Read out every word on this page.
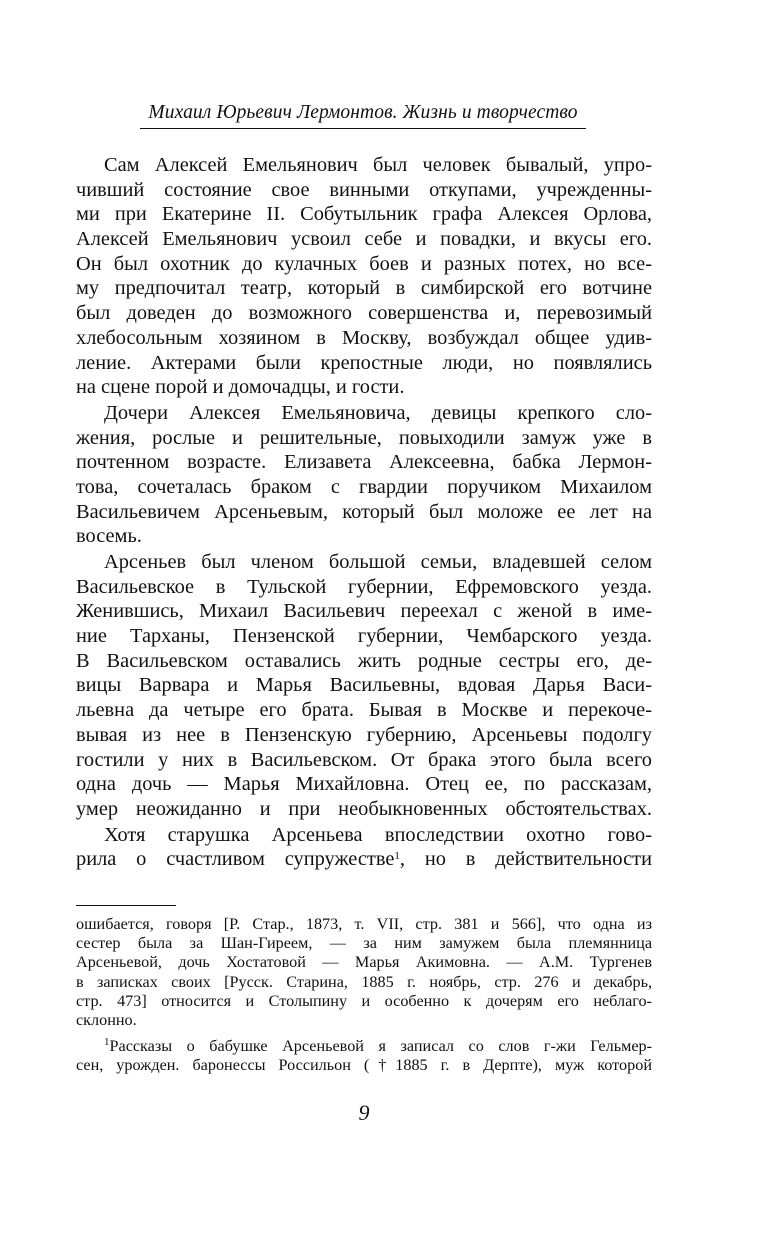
Михаил Юрьевич Лермонтов. Жизнь и творчество

Сам Алексей Емельянович был человек бывалый, упро-
чивший состояние свое винными откупами, учрежденны-
ми при Екатерине II. Собутыльник графа Алексея Орлова,
Алексей Емельянович усвоил себе и повадки, и вкусы его.
Он был охотник до кулачных боев и разных потех, но все-
му предпочитал театр, который в симбирской его вотчине
был доведен до возможного совершенства и, перевозимый
хлебосольным хозяином в Москву, возбуждал общее удив-
ление. Актерами были крепостные люди, но появлялись
на сцене порой и домочадцы, и гости.

Дочери Алексея Емельяновича, девицы крепкого сло-
жения, рослые и решительные, повыходили замуж уже в
почтенном возрасте. Елизавета Алексеевна, бабка Лермон-
това, сочеталась браком с гвардии поручиком Михаилом
Васильевичем Арсеньевым, который был моложе ее лет на
восемь.

Арсеньев был членом большой семьи, владевшей селом
Васильевское в Тульской губернии, Ефремовского уезда.
Женившись, Михаил Васильевич переехал с женой в име-
ние Тарханы, Пензенской губернии, Чембарского уезда.
В Васильевском оставались жить родные сестры его, де-
вицы Варвара и Марья Васильевны, вдовая Дарья Васи-
льевна да четыре его брата. Бывая в Москве и перекоче-
вывая из нее в Пензенскую губернию, Арсеньевы подолгу
гостили у них в Васильевском. От брака этого была всего
одна дочь — Марья Михайловна. Отец ее, по рассказам,
умер неожиданно и при необыкновенных обстоятельствах.

Хотя старушка Арсеньева впоследствии охотно гово-
рила о счастливом супружестве$^1$, но в действительности

ошибается, говоря [Р. Стар., 1873, т. VII, стр. 381 и 566], что одна из
сестер была за Шан-Гиреем, — за ним замужем была племянница
Арсеньевой, дочь Хостатовой — Марья Акимовна. — А.М. Тургенев
в записках своих [Русск. Старина, 1885 г. ноябрь, стр. 276 и декабрь,
стр. 473] относится и Столыпину и особенно к дочерям его неблаго-
склонно.
$^1$Рассказы о бабушке Арсеньевой я записал со слов г-жи Гельмер-
сен, урожден. баронессы Россильон (†1885 г. в Дерпте), муж которой
9
